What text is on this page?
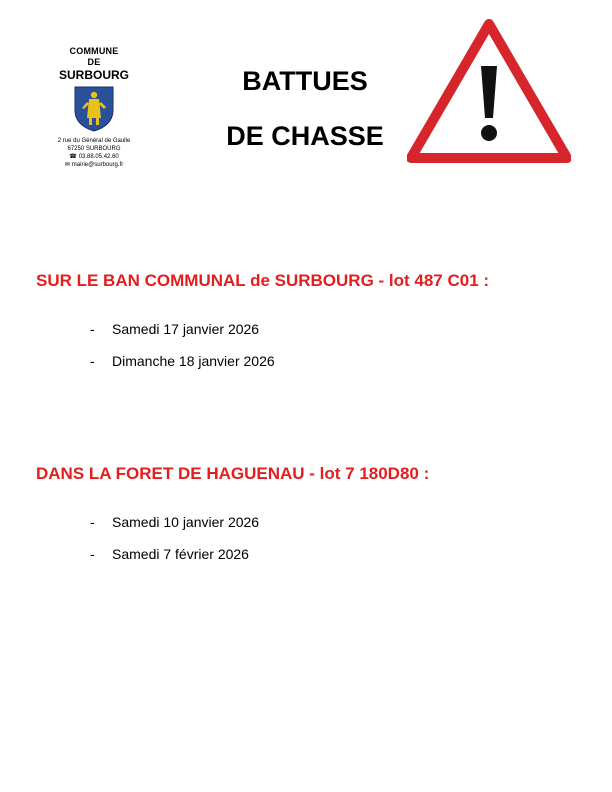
COMMUNE
DE
SURBOURG
2 rue du Général de Gaulle
67250 SURBOURG
☎ 03.88.05.42.60
✉ mairie@surbourg.fr
BATTUES
DE CHASSE
SUR LE BAN COMMUNAL de SURBOURG - lot 487 C01 :
- Samedi 17 janvier 2026
- Dimanche 18 janvier 2026
DANS LA FORET DE HAGUENAU - lot 7 180D80 :
- Samedi 10 janvier 2026
- Samedi 7 février 2026
